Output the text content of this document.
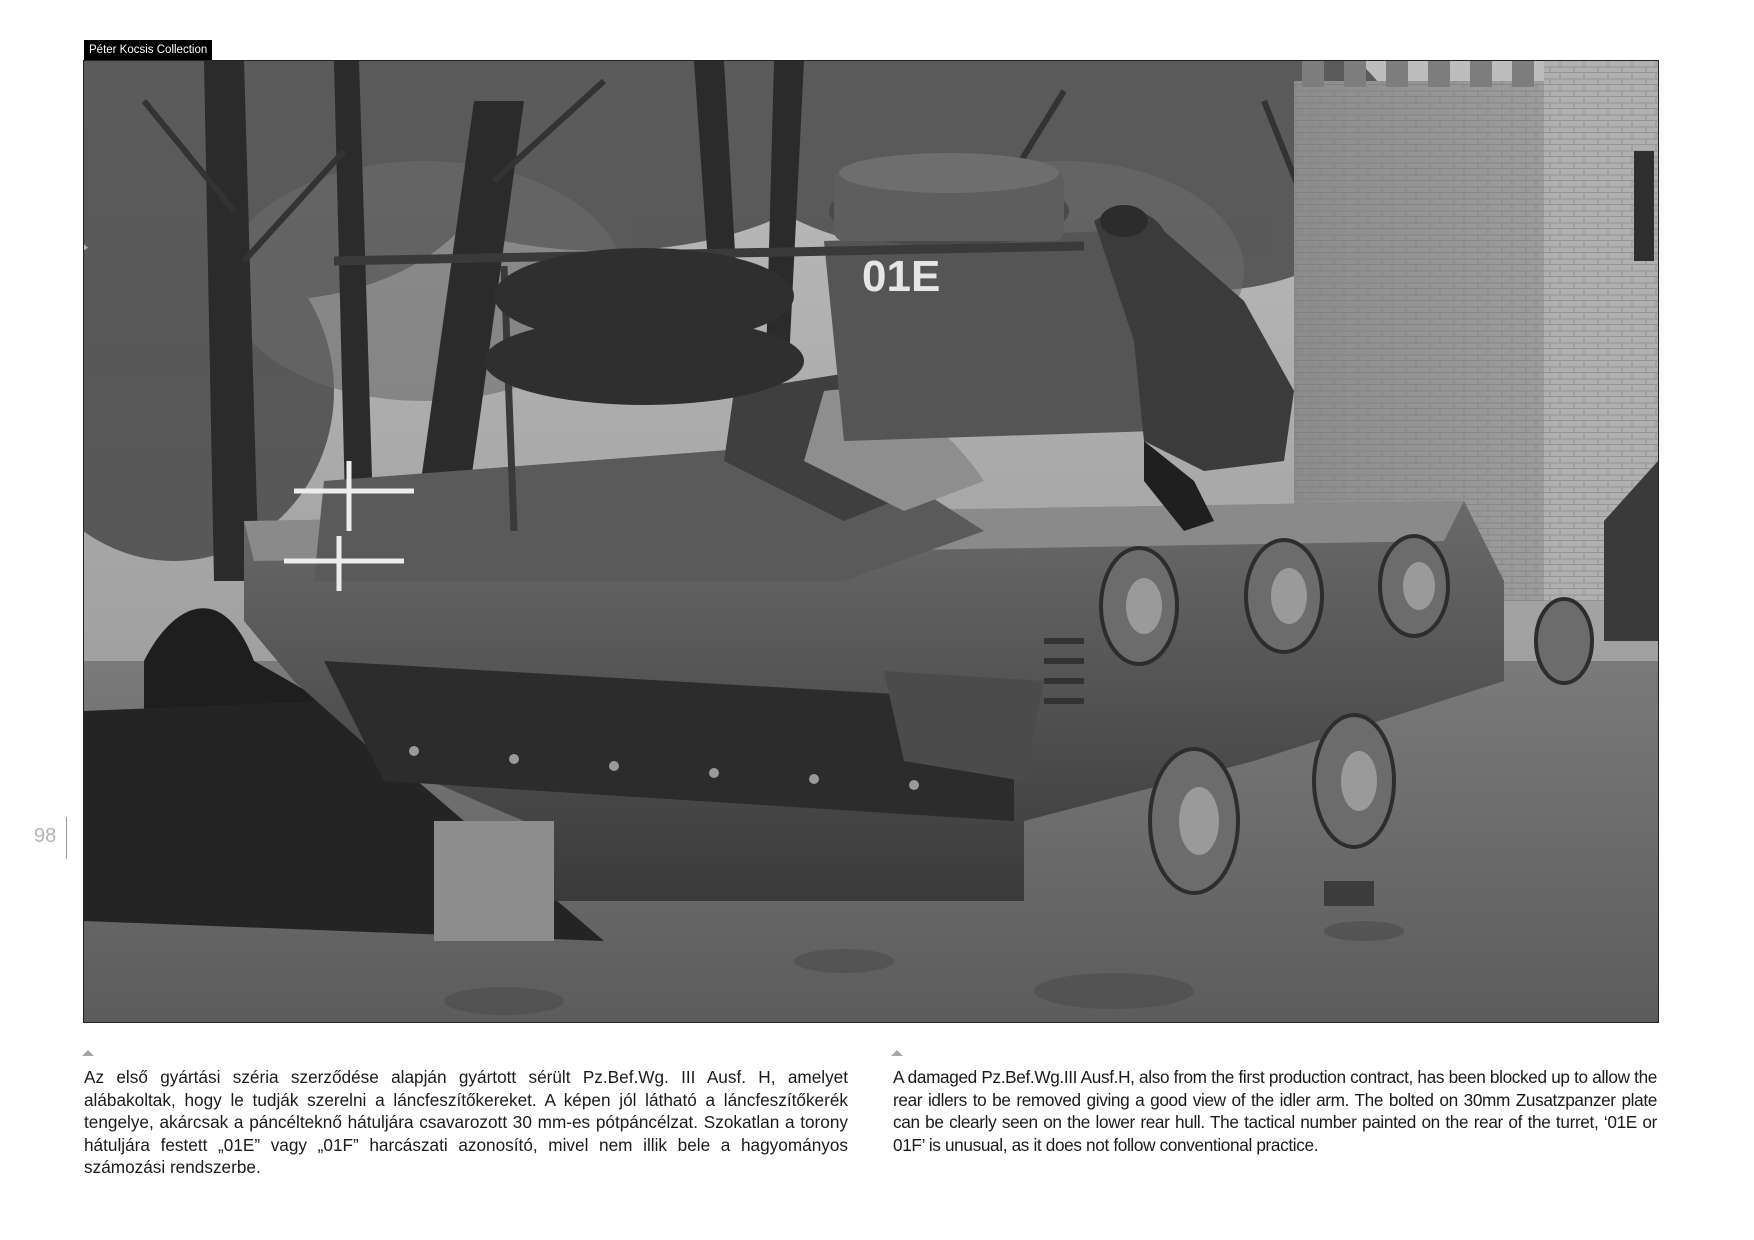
Péter Kocsis Collection
01E
98

Az első gyártási széria szerződése alapján gyártott sérült Pz.Bef.Wg. III Ausf. H, amelyet alábakoltak, hogy le tudják szerelni a láncfeszítőkereket. A képen jól látható a láncfeszítőkerék tengelye, akárcsak a páncélteknő hátuljára csavarozott 30 mm-es pótpáncélzat. Szokatlan a torony hátuljára festett „01E” vagy „01F” harcászati azonosító, mivel nem illik bele a hagyományos számozási rendszerbe.

A damaged Pz.Bef.Wg.III Ausf.H, also from the first production contract, has been blocked up to allow the rear idlers to be removed giving a good view of the idler arm. The bolted on 30mm Zusatzpanzer plate can be clearly seen on the lower rear hull. The tactical number painted on the rear of the turret, ‘01E or 01F’ is unusual, as it does not follow conventional practice.
